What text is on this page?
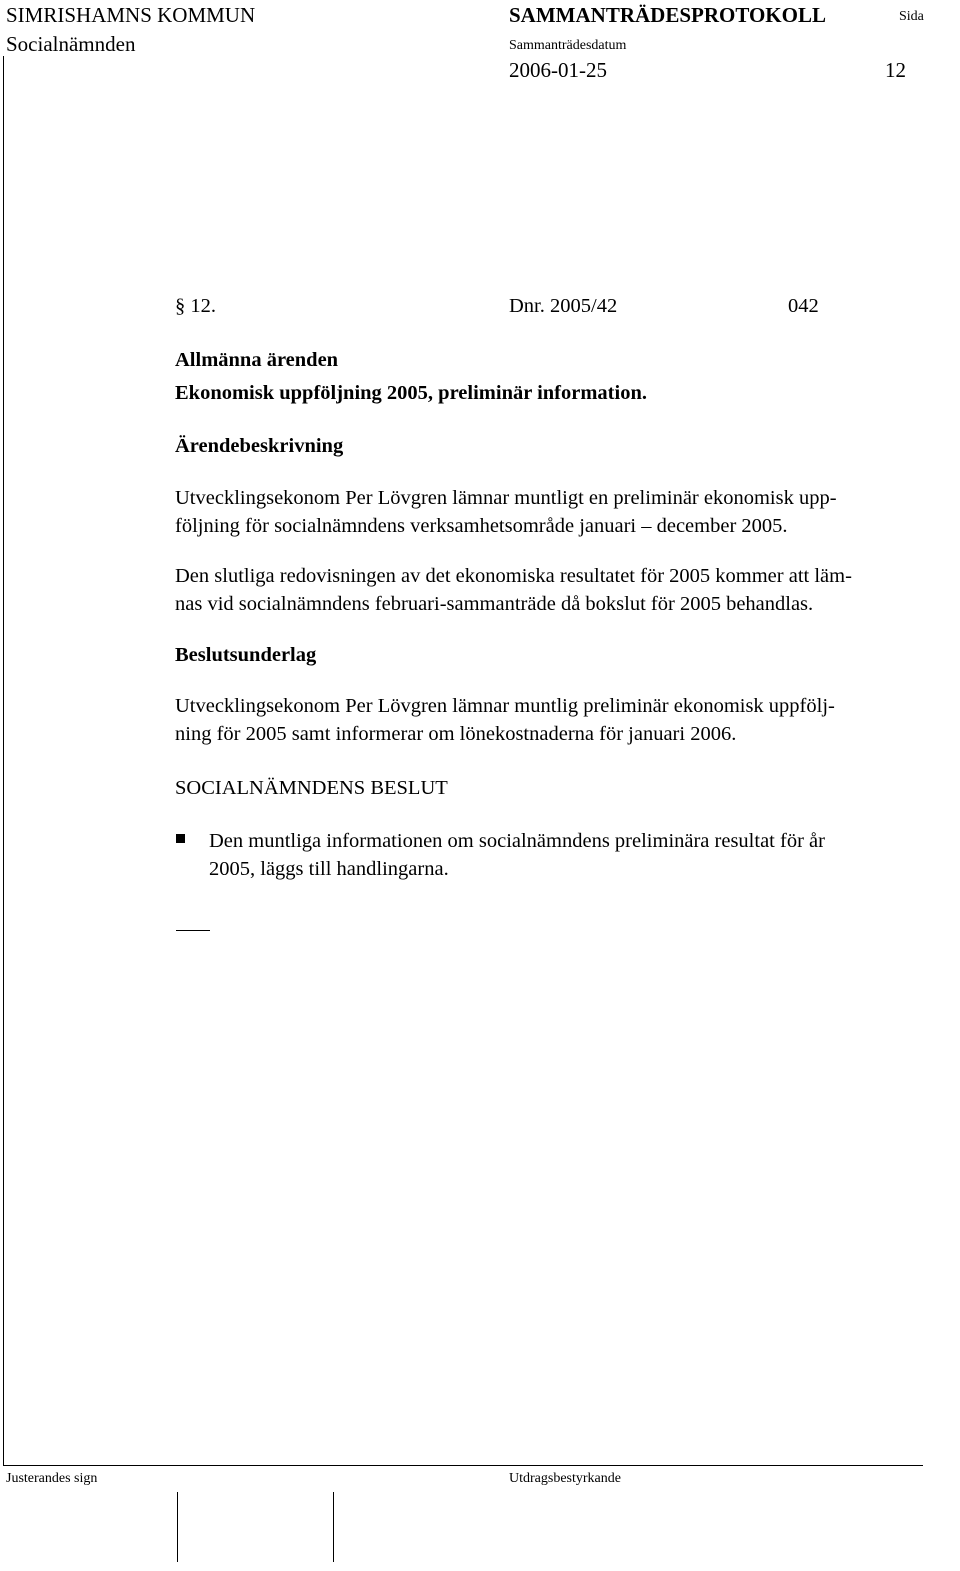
SIMRISHAMNS KOMMUN
Socialnämnden
SAMMANTRÄDESPROTOKOLL	Sida
Sammanträdesdatum
2006-01-25	12
§ 12.	Dnr. 2005/42	042
Allmänna ärenden
Ekonomisk uppföljning 2005, preliminär information.
Ärendebeskrivning
Utvecklingsekonom Per Lövgren lämnar muntligt en preliminär ekonomisk upp-
följning för socialnämndens verksamhetsområde januari – december 2005.
Den slutliga redovisningen av det ekonomiska resultatet för 2005 kommer att läm-
nas vid socialnämndens februari-sammanträde då bokslut för 2005 behandlas.
Beslutsunderlag
Utvecklingsekonom Per Lövgren lämnar muntlig preliminär ekonomisk uppfölj-
ning för 2005 samt informerar om lönekostnaderna för januari 2006.
SOCIALNÄMNDENS BESLUT
Den muntliga informationen om socialnämndens preliminära resultat för år
2005, läggs till handlingarna.
Justerandes sign	Utdragsbestyrkande
